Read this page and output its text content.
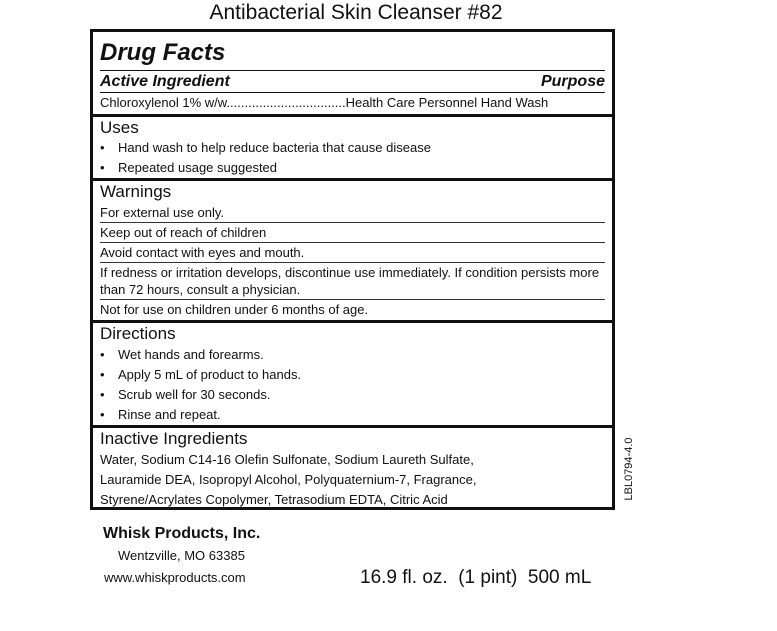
Antibacterial Skin Cleanser #82
Drug Facts
Active Ingredient	Purpose
Chloroxylenol 1% w/w.................................Health Care Personnel Hand Wash
Uses
• Hand wash to help reduce bacteria that cause disease
• Repeated usage suggested
Warnings
For external use only.
Keep out of reach of children
Avoid contact with eyes and mouth.
If redness or irritation develops, discontinue use immediately. If condition persists more than 72 hours, consult a physician.
Not for use on children under 6 months of age.
Directions
• Wet hands and forearms.
• Apply 5 mL of product to hands.
• Scrub well for 30 seconds.
• Rinse and repeat.
Inactive Ingredients
Water, Sodium C14-16 Olefin Sulfonate, Sodium Laureth Sulfate,
Lauramide DEA, Isopropyl Alcohol, Polyquaternium-7, Fragrance,
Styrene/Acrylates Copolymer, Tetrasodium EDTA, Citric Acid	LBL0794-4.0
Whisk Products, Inc.
Wentzville, MO 63385
www.whiskproducts.com	16.9 fl. oz.  (1 pint)  500 mL
